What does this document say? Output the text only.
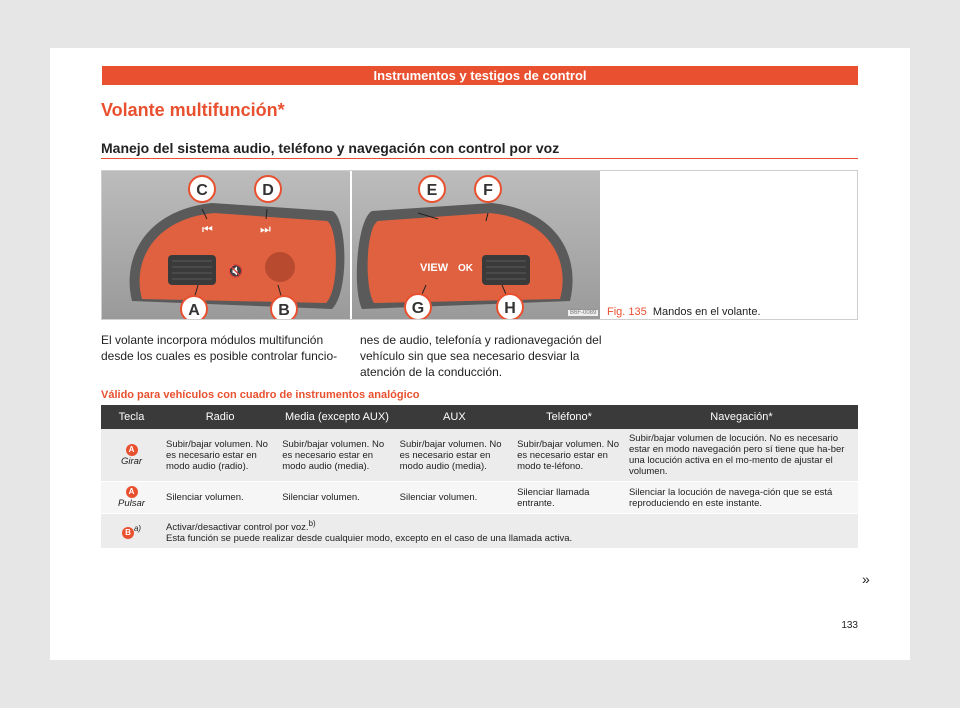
Instrumentos y testigos de control
Volante multifunción*
Manejo del sistema audio, teléfono y navegación con control por voz
⏮	⏭
🔇
C	D
A	B
VIEW OK
E	F
G	H	B6F-0089 Fig. 135 Mandos en el volante.
El volante incorpora módulos multifunción desde los cuales es posible controlar funcio-
nes de audio, telefonía y radionavegación del vehículo sin que sea necesario desviar la atención de la conducción.
Válido para vehículos con cuadro de instrumentos analógico
Tecla	Radio	Media (excepto AUX)	AUX	Teléfono*	Navegación*
A
Girar	Subir/bajar volumen. No es necesario estar en modo audio (radio).	Subir/bajar volumen. No es necesario estar en modo audio (media).	Subir/bajar volumen. No es necesario estar en modo audio (media).	Subir/bajar volumen. No es necesario estar en modo te-léfono.	Subir/bajar volumen de locución. No es necesario estar en modo navegación pero sí tiene que ha-ber una locución activa en el mo-mento de ajustar el volumen.
A
Pulsar	Silenciar volumen.	Silenciar volumen.	Silenciar volumen.	Silenciar llamada entrante.	Silenciar la locución de navega-ción que se está reproduciendo en este instante.
B $^{a)}$	Activar/desactivar control por voz.$^{b)}$
Esta función se puede realizar desde cualquier modo, excepto en el caso de una llamada activa.				
»
133
